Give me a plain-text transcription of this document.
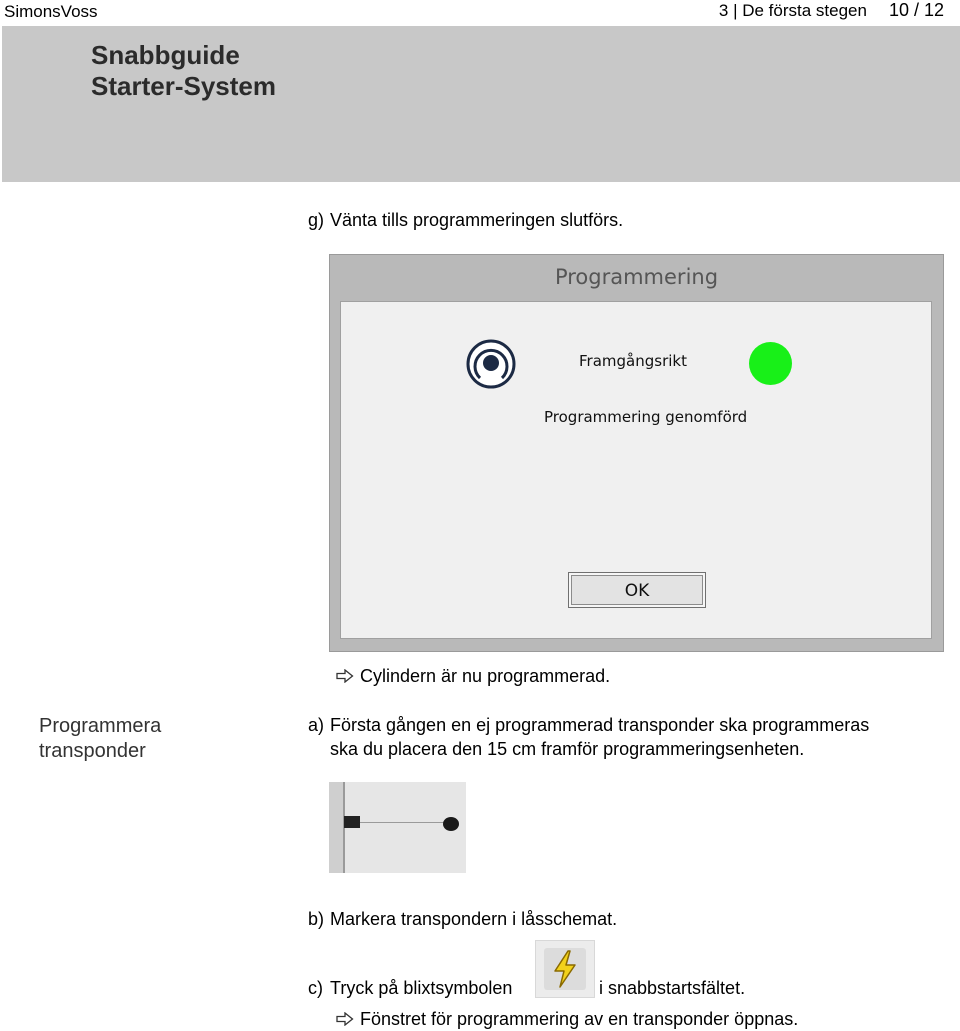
SimonsVoss	3 | De första stegen 10 / 12
Snabbguide
Starter-System
g) Vänta tills programmeringen slutförs.
Programmering
Framgångsrikt
Programmering genomförd
OK
Cylindern är nu programmerad.
Programmera
transponder
a) Första gången en ej programmerad transponder ska programmeras
ska du placera den 15 cm framför programmeringsenheten.
b) Markera transpondern i låsschemat.
c) Tryck på blixtsymbolen	i snabbstartsfältet.
Fönstret för programmering av en transponder öppnas.
